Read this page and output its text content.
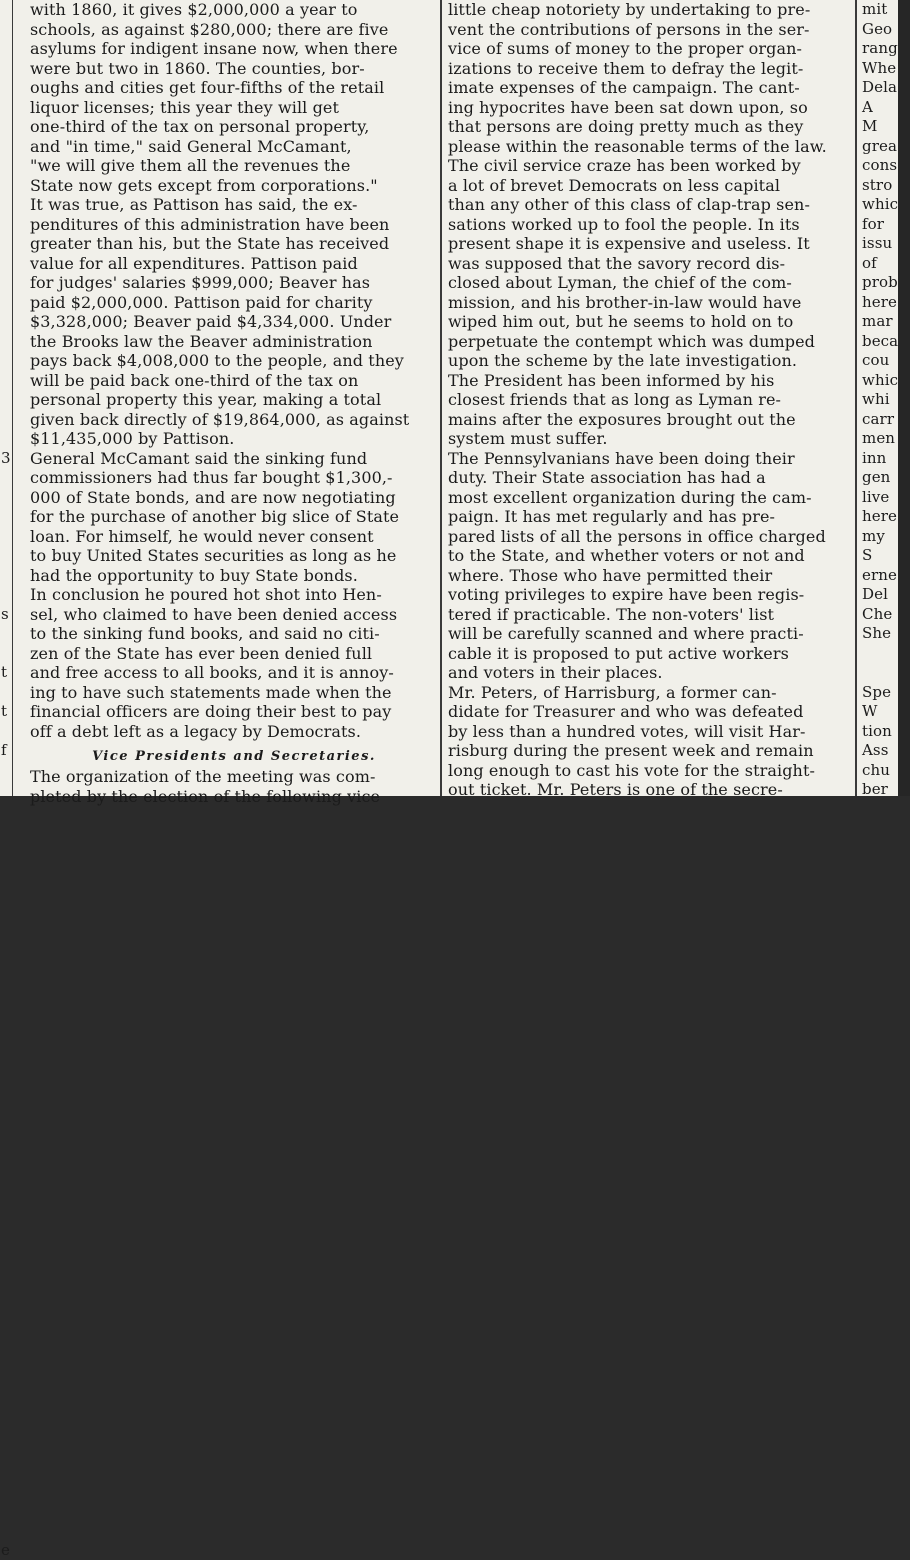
3
s
t
t
f
e
with 1860, it gives $2,000,000 a year to
schools, as against $280,000; there are five
asylums for indigent insane now, when there
were but two in 1860. The counties, bor-
oughs and cities get four-fifths of the retail
liquor licenses; this year they will get
one-third of the tax on personal property,
and "in time," said General McCamant,
"we will give them all the revenues the
State now gets except from corporations."
It was true, as Pattison has said, the ex-
penditures of this administration have been
greater than his, but the State has received
value for all expenditures. Pattison paid
for judges' salaries $999,000; Beaver has
paid $2,000,000. Pattison paid for charity
$3,328,000; Beaver paid $4,334,000. Under
the Brooks law the Beaver administration
pays back $4,008,000 to the people, and they
will be paid back one-third of the tax on
personal property this year, making a total
given back directly of $19,864,000, as against
$11,435,000 by Pattison.
General McCamant said the sinking fund
commissioners had thus far bought $1,300,-
000 of State bonds, and are now negotiating
for the purchase of another big slice of State
loan. For himself, he would never consent
to buy United States securities as long as he
had the opportunity to buy State bonds.
In conclusion he poured hot shot into Hen-
sel, who claimed to have been denied access
to the sinking fund books, and said no citi-
zen of the State has ever been denied full
and free access to all books, and it is annoy-
ing to have such statements made when the
financial officers are doing their best to pay
off a debt left as a legacy by Democrats.
Vice Presidents and Secretaries.
The organization of the meeting was com-
pleted by the election of the following vice
little cheap notoriety by undertaking to pre-
vent the contributions of persons in the ser-
vice of sums of money to the proper organ-
izations to receive them to defray the legit-
imate expenses of the campaign. The cant-
ing hypocrites have been sat down upon, so
that persons are doing pretty much as they
please within the reasonable terms of the law.
The civil service craze has been worked by
a lot of brevet Democrats on less capital
than any other of this class of clap-trap sen-
sations worked up to fool the people. In its
present shape it is expensive and useless. It
was supposed that the savory record dis-
closed about Lyman, the chief of the com-
mission, and his brother-in-law would have
wiped him out, but he seems to hold on to
perpetuate the contempt which was dumped
upon the scheme by the late investigation.
The President has been informed by his
closest friends that as long as Lyman re-
mains after the exposures brought out the
system must suffer.
The Pennsylvanians have been doing their
duty. Their State association has had a
most excellent organization during the cam-
paign. It has met regularly and has pre-
pared lists of all the persons in office charged
to the State, and whether voters or not and
where. Those who have permitted their
voting privileges to expire have been regis-
tered if practicable. The non-voters' list
will be carefully scanned and where practi-
cable it is proposed to put active workers
and voters in their places.
Mr. Peters, of Harrisburg, a former can-
didate for Treasurer and who was defeated
by less than a hundred votes, will visit Har-
risburg during the present week and remain
long enough to cast his vote for the straight-
out ticket. Mr. Peters is one of the secre-
mit
Geo
rang
Whe
Dela
A
M
grea
cons
stro
whic
for
issu
of
prob
here
mar
beca
cou
whic
whi
carr
men
inn
gen
live
here
my
S
erne
Del
Che
She
Spe
W
tion
Ass
chu
ber
